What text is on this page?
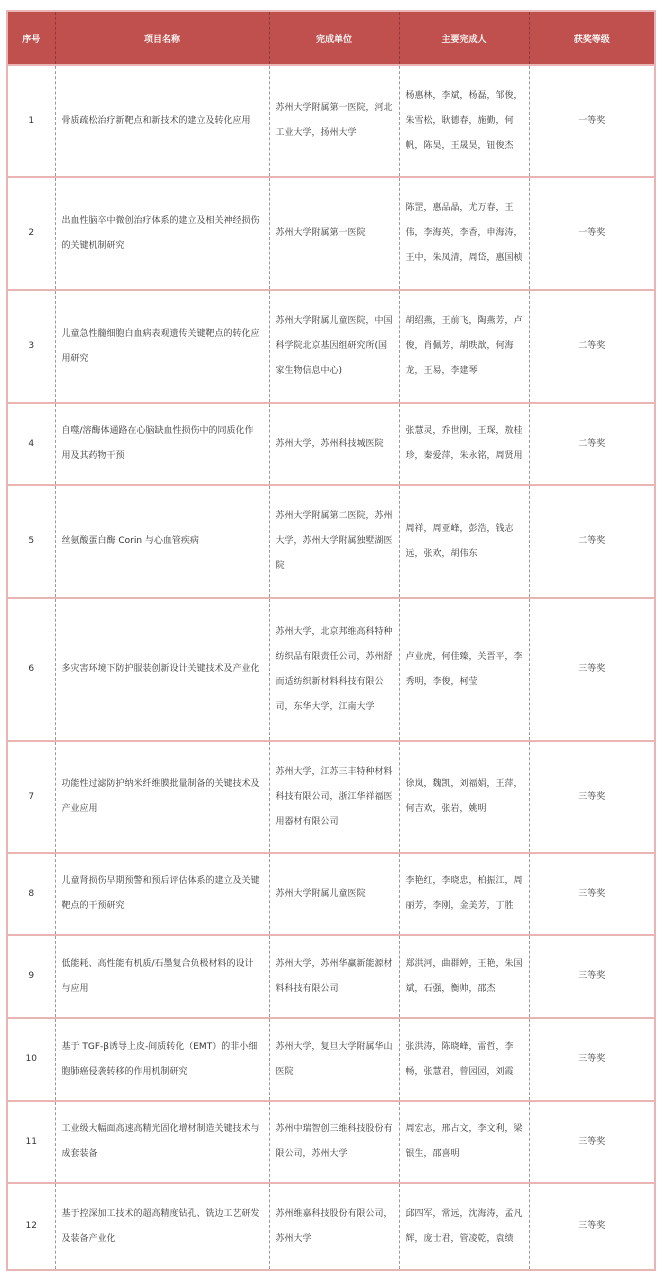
序号	项目名称	完成单位	主要完成人	获奖等级
1	骨质疏松治疗新靶点和新技术的建立及转化应用	苏州大学附属第一医院，河北工业大学，扬州大学	杨惠林，李斌，杨磊，邹俊，朱雪松，耿德春，施勤，何帆，陈昊，王晟昊，钮俊杰	一等奖
2	出血性脑卒中微创治疗体系的建立及相关神经损伤的关键机制研究	苏州大学附属第一医院	陈罡，惠品晶，尤万春，王伟，李海英，李香，申海涛，王中，朱凤清，周岱，惠国桢	一等奖
3	儿童急性髓细胞白血病表观遗传关键靶点的转化应用研究	苏州大学附属儿童医院，中国科学院北京基因组研究所(国家生物信息中心)	胡绍燕，王前飞，陶燕芳，卢俊，肖佩芳，胡昳歆，何海龙，王易，李建琴	二等奖
4	自噬/溶酶体通路在心脑缺血性损伤中的同质化作用及其药物干预	苏州大学，苏州科技城医院	张慧灵，乔世刚，王琛，敖桂珍，秦爱萍，朱永铭，周贤用	二等奖
5	丝氨酸蛋白酶 Corin 与心血管疾病	苏州大学附属第二医院，苏州大学，苏州大学附属独墅湖医院	周祥，周亚峰，彭浩，钱志远，张欢，胡伟东	二等奖
6	多灾害环境下防护服装创新设计关键技术及产业化	苏州大学，北京邦维高科特种纺织品有限责任公司，苏州舒而适纺织新材料科技有限公司，东华大学，江南大学	卢业虎，何佳臻，关晋平，李秀明，李俊，柯莹	三等奖
7	功能性过滤防护纳米纤维膜批量制备的关键技术及产业应用	苏州大学，江苏三丰特种材料科技有限公司，浙江华祥福医用器材有限公司	徐岚，魏凯，刘福娟，王萍，何吉欢，张岩，姚明	三等奖
8	儿童肾损伤早期预警和预后评估体系的建立及关键靶点的干预研究	苏州大学附属儿童医院	李艳红，李晓忠，柏振江，周丽芳，李刚，金美芳，丁胜	三等奖
9	低能耗、高性能有机质/石墨复合负极材料的设计与应用	苏州大学，苏州华赢新能源材料科技有限公司	郑洪河，曲群婷，王艳，朱国斌，石强，衡帅，邵杰	三等奖
10	基于 TGF-β诱导上皮-间质转化（EMT）的非小细胞肺癌侵袭转移的作用机制研究	苏州大学，复旦大学附属华山医院	张洪涛，陈晓峰，雷哲，李畅，张慧君，曾园园，刘霞	三等奖
11	工业级大幅面高速高精光固化增材制造关键技术与成套装备	苏州中瑞智创三维科技股份有限公司，苏州大学	周宏志，邢占文，李文利，梁银生，邵喜明	三等奖
12	基于控深加工技术的超高精度钻孔、铣边工艺研发及装备产业化	苏州维嘉科技股份有限公司，苏州大学	邱四军，常远，沈海涛，孟凡辉，庞士君，管凌乾，袁绩	三等奖
